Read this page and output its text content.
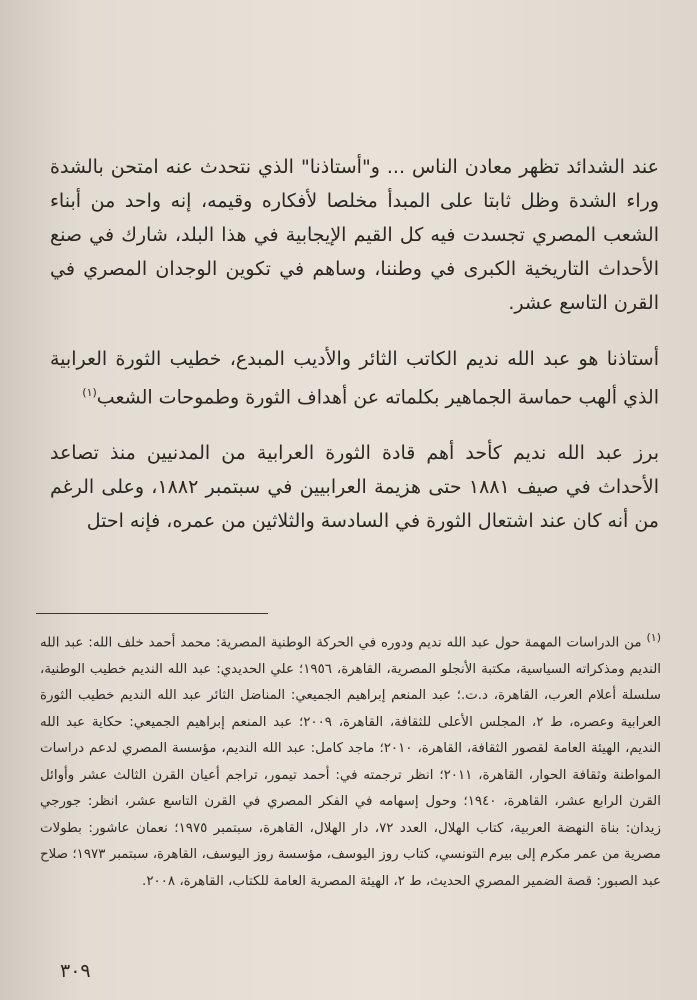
عند الشدائد تظهر معادن الناس ... و"أستاذنا" الذي نتحدث عنه امتحن بالشدة وراء الشدة وظل ثابتا على المبدأ مخلصا لأفكاره وقيمه، إنه واحد من أبناء الشعب المصري تجسدت فيه كل القيم الإيجابية في هذا البلد، شارك في صنع الأحداث التاريخية الكبرى في وطننا، وساهم في تكوين الوجدان المصري في القرن التاسع عشر.

أستاذنا هو عبد الله نديم الكاتب الثائر والأديب المبدع، خطيب الثورة العرابية الذي ألهب حماسة الجماهير بكلماته عن أهداف الثورة وطموحات الشعب$^{(١)}$

برز عبد الله نديم كأحد أهم قادة الثورة العرابية من المدنيين منذ تصاعد الأحداث في صيف ١٨٨١ حتى هزيمة العرابيين في سبتمبر ١٨٨٢، وعلى الرغم من أنه كان عند اشتعال الثورة في السادسة والثلاثين من عمره، فإنه احتل

$^{(١)}$ من الدراسات المهمة حول عبد الله نديم ودوره في الحركة الوطنية المصرية: محمد أحمد خلف الله: عبد الله النديم ومذكراته السياسية، مكتبة الأنجلو المصرية، القاهرة، ١٩٥٦؛ علي الحديدي: عبد الله النديم خطيب الوطنية، سلسلة أعلام العرب، القاهرة، د.ت.؛ عبد المنعم إبراهيم الجميعي: المناضل الثائر عبد الله النديم خطيب الثورة العرابية وعصره، ط ٢، المجلس الأعلى للثقافة، القاهرة، ٢٠٠٩؛ عبد المنعم إبراهيم الجميعي: حكاية عبد الله النديم، الهيئة العامة لقصور الثقافة، القاهرة، ٢٠١٠؛ ماجد كامل: عبد الله النديم، مؤسسة المصري لدعم دراسات المواطنة وثقافة الحوار، القاهرة، ٢٠١١؛ انظر ترجمته في: أحمد تيمور، تراجم أعيان القرن الثالث عشر وأوائل القرن الرابع عشر، القاهرة، ١٩٤٠؛ وحول إسهامه في الفكر المصري في القرن التاسع عشر، انظر: جورجي زيدان: بناة النهضة العربية، كتاب الهلال، العدد ٧٢، دار الهلال، القاهرة، سبتمبر ١٩٧٥؛ نعمان عاشور: بطولات مصرية من عمر مكرم إلى بيرم التونسي، كتاب روز اليوسف، مؤسسة روز اليوسف، القاهرة، سبتمبر ١٩٧٣؛ صلاح عبد الصبور: قصة الضمير المصري الحديث، ط ٢، الهيئة المصرية العامة للكتاب، القاهرة، ٢٠٠٨.
٣٠٩
